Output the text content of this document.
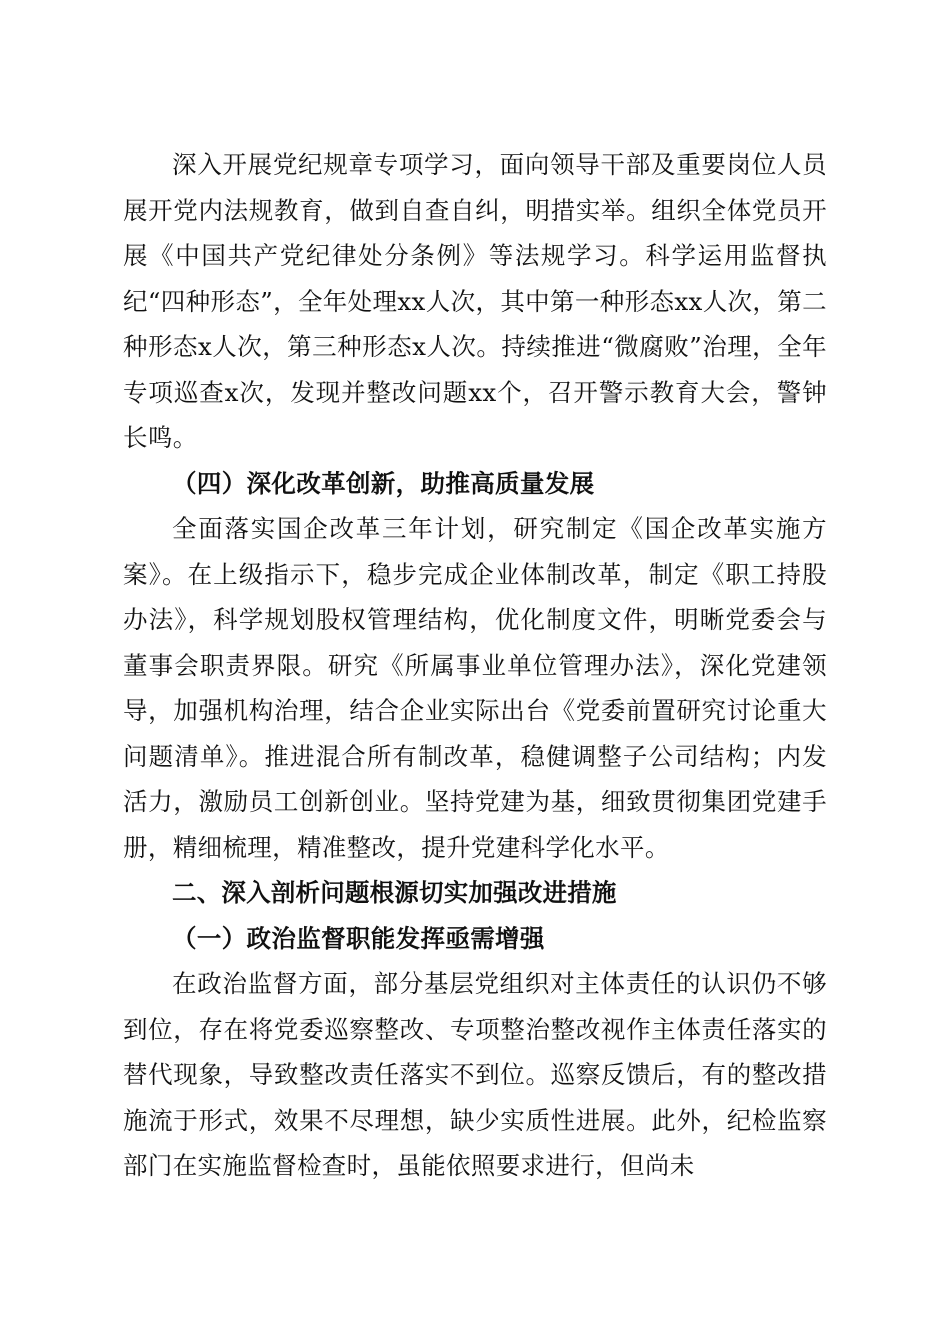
深入开展党纪规章专项学习，面向领导干部及重要岗位人员展开党内法规教育，做到自查自纠，明措实举。组织全体党员开展《中国共产党纪律处分条例》等法规学习。科学运用监督执纪“四种形态”，全年处理xx人次，其中第一种形态xx人次，第二种形态x人次，第三种形态x人次。持续推进“微腐败”治理，全年专项巡查x次，发现并整改问题xx个，召开警示教育大会，警钟长鸣。

（四）深化改革创新，助推高质量发展

全面落实国企改革三年计划，研究制定《国企改革实施方案》。在上级指示下，稳步完成企业体制改革，制定《职工持股办法》，科学规划股权管理结构，优化制度文件，明晰党委会与董事会职责界限。研究《所属事业单位管理办法》，深化党建领导，加强机构治理，结合企业实际出台《党委前置研究讨论重大问题清单》。推进混合所有制改革，稳健调整子公司结构；内发活力，激励员工创新创业。坚持党建为基，细致贯彻集团党建手册，精细梳理，精准整改，提升党建科学化水平。

二、深入剖析问题根源切实加强改进措施

（一）政治监督职能发挥亟需增强

在政治监督方面，部分基层党组织对主体责任的认识仍不够到位，存在将党委巡察整改、专项整治整改视作主体责任落实的替代现象，导致整改责任落实不到位。巡察反馈后，有的整改措施流于形式，效果不尽理想，缺少实质性进展。此外，纪检监察部门在实施监督检查时，虽能依照要求进行，但尚未
